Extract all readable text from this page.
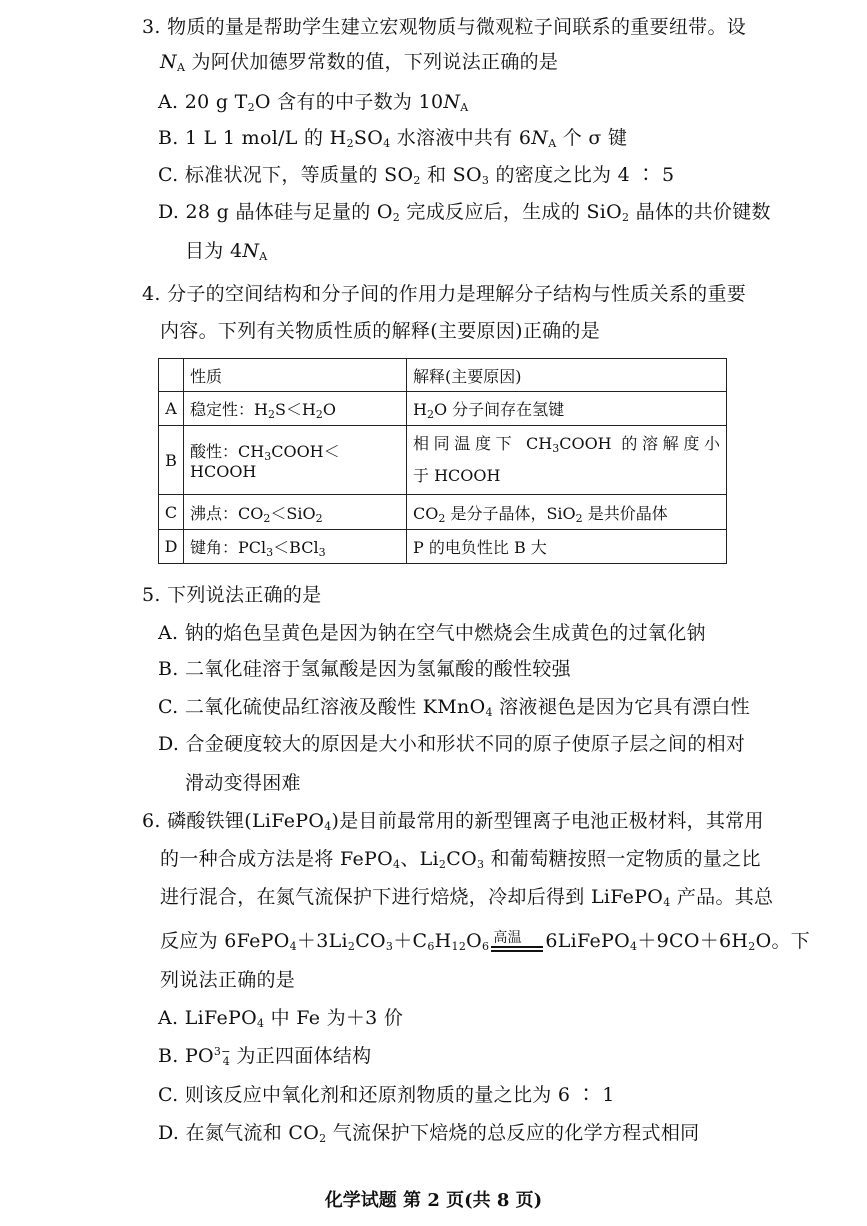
3. 物质的量是帮助学生建立宏观物质与微观粒子间联系的重要纽带。设
$N_A$ 为阿伏加德罗常数的值，下列说法正确的是
A. 20 g $T_2O$ 含有的中子数为 $10N_A$
B. 1 L 1 mol/L 的 $H_2SO_4$ 水溶液中共有 $6N_A$ 个 σ 键
C. 标准状况下，等质量的 $SO_2$ 和 $SO_3$ 的密度之比为 4 ∶ 5
D. 28 g 晶体硅与足量的 $O_2$ 完成反应后，生成的 SiO$_2$ 晶体的共价键数
目为 $4N_A$
4. 分子的空间结构和分子间的作用力是理解分子结构与性质关系的重要
内容。下列有关物质性质的解释(主要原因)正确的是
	性质	解释(主要原因)
A	稳定性：$H_2S<H_2O$	$H_2O$ 分子间存在氢键
B	酸性：$CH_3COOH<HCOOH$	相同温度下 $CH_3COOH$ 的溶解度小
于 HCOOH

C	沸点：$CO_2<SiO_2$	$CO_2$ 是分子晶体，SiO$_2$ 是共价晶体
D	键角：PCl$_3$＜BCl$_3$	P 的电负性比 B 大
5. 下列说法正确的是
A. 钠的焰色呈黄色是因为钠在空气中燃烧会生成黄色的过氧化钠
B. 二氧化硅溶于氢氟酸是因为氢氟酸的酸性较强
C. 二氧化硫使品红溶液及酸性 KMnO$_4$ 溶液褪色是因为它具有漂白性
D. 合金硬度较大的原因是大小和形状不同的原子使原子层之间的相对
滑动变得困难
6. 磷酸铁锂(LiFePO$_4$)是目前最常用的新型锂离子电池正极材料，其常用
的一种合成方法是将 FePO$_4$、$Li_2CO_3$ 和葡萄糖按照一定物质的量之比
进行混合，在氮气流保护下进行焙烧，冷却后得到 LiFePO$_4$ 产品。其总
反应为 $6FePO_4+3Li_2CO_3+C_6H_{12}O_6$
高温 $6LiFePO_4+9CO+6H_2O$。下
列说法正确的是
A. LiFePO$_4$ 中 Fe 为＋3 价
B. $PO^{3-}_4$ 为正四面体结构
C. 则该反应中氧化剂和还原剂物质的量之比为 6 ∶ 1
D. 在氮气流和 $CO_2$ 气流保护下焙烧的总反应的化学方程式相同
化学试题 第 2 页(共 8 页)
